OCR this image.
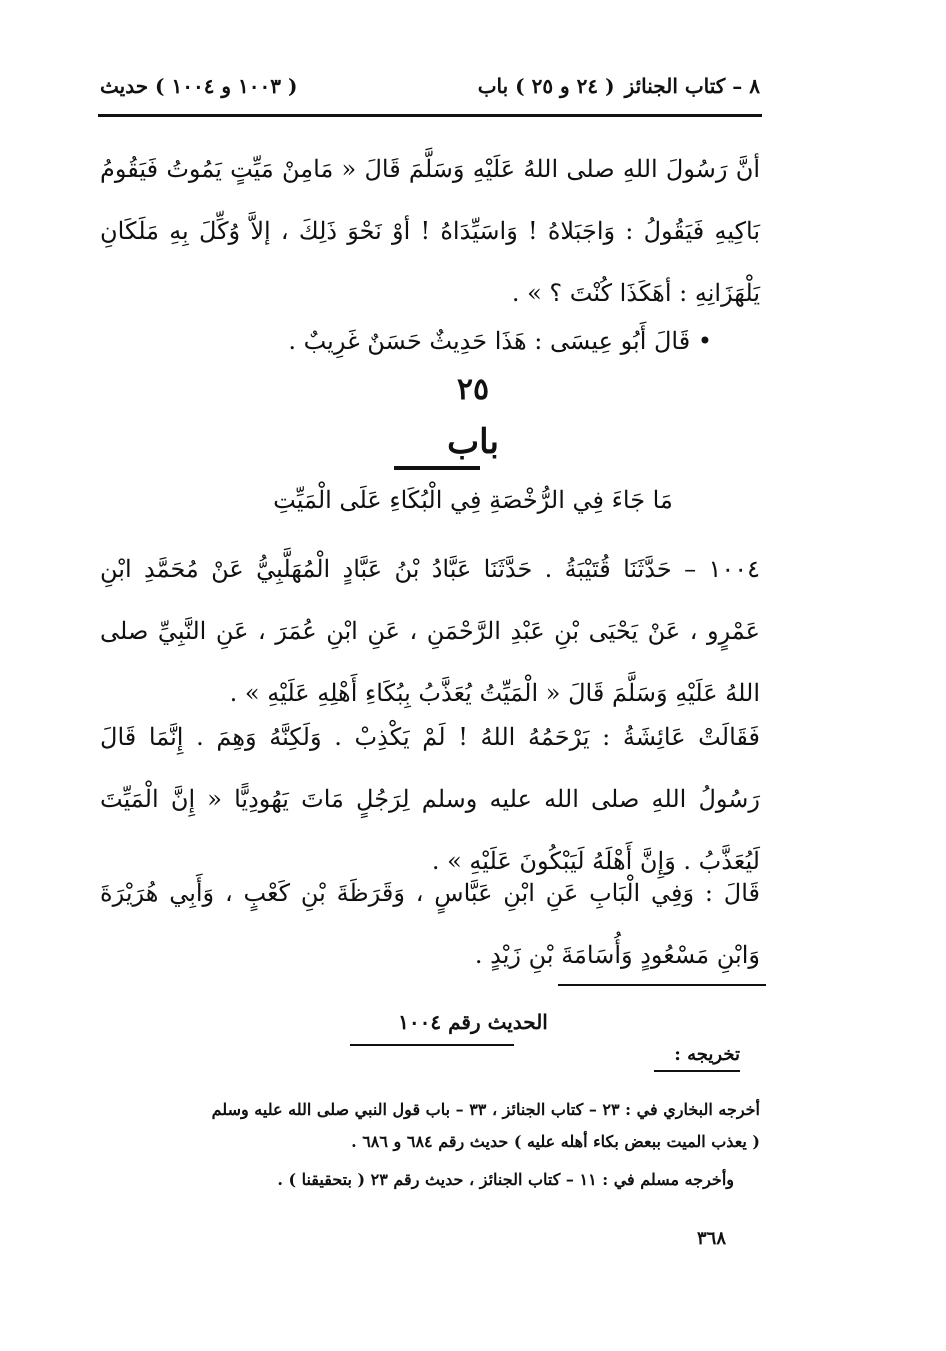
٨ – كتاب الجنائز
( ٢٤ و ٢٥ ) باب
( ١٠٠٣ و ١٠٠٤ ) حديث
أنَّ رَسُولَ اللهِ صلى اللهُ عَلَيْهِ وَسَلَّمَ قَالَ « مَامِنْ مَيِّتٍ يَمُوتُ فَيَقُومُ بَاكِيهِ فَيَقُولُ : وَاجَبَلاهُ ! وَاسَيِّدَاهُ ! أوْ نَحْوَ ذَلِكَ ، إلاَّ وُكِّلَ بِهِ مَلَكَانِ يَلْهَزَانِهِ : أهَكَذَا كُنْتَ ؟ » .
• قَالَ أَبُو عِيسَى : هَذَا حَدِيثٌ حَسَنٌ غَرِيبٌ .
٢٥
باب
مَا جَاءَ فِي الرُّخْصَةِ فِي الْبُكَاءِ عَلَى الْمَيِّتِ
١٠٠٤ – حَدَّثَنَا قُتَيْبَةُ . حَدَّثَنَا عَبَّادُ بْنُ عَبَّادٍ الْمُهَلَّبِيُّ عَنْ مُحَمَّدِ ابْنِ عَمْرٍو ، عَنْ يَحْيَى بْنِ عَبْدِ الرَّحْمَنِ ، عَنِ ابْنِ عُمَرَ ، عَنِ النَّبِيِّ صلى اللهُ عَلَيْهِ وَسَلَّمَ قَالَ « الْمَيِّتُ يُعَذَّبُ بِبُكَاءِ أَهْلِهِ عَلَيْهِ » .
فَقَالَتْ عَائِشَةُ : يَرْحَمُهُ اللهُ ! لَمْ يَكْذِبْ . وَلَكِنَّهُ وَهِمَ . إِنَّمَا قَالَ رَسُولُ اللهِ صلى الله عليه وسلم لِرَجُلٍ مَاتَ يَهُودِيًّا « إِنَّ الْمَيِّتَ لَيُعَذَّبُ . وَإِنَّ أَهْلَهُ لَيَبْكُونَ عَلَيْهِ » .
قَالَ : وَفِي الْبَابِ عَنِ ابْنِ عَبَّاسٍ ، وَقَرَظَةَ بْنِ كَعْبٍ ، وَأَبِي هُرَيْرَةَ وَابْنِ مَسْعُودٍ وَأُسَامَةَ بْنِ زَيْدٍ .
الحديث رقم ١٠٠٤
تخريجه :
أخرجه البخاري في : ٢٣ – كتاب الجنائز ، ٣٣ – باب قول النبي صلى الله عليه وسلم
( يعذب الميت ببعض بكاء أهله عليه ) حديث رقم ٦٨٤ و ٦٨٦ .
وأخرجه مسلم في : ١١ – كتاب الجنائز ، حديث رقم ٢٣ ( بتحقيقنا ) .
٣٦٨
